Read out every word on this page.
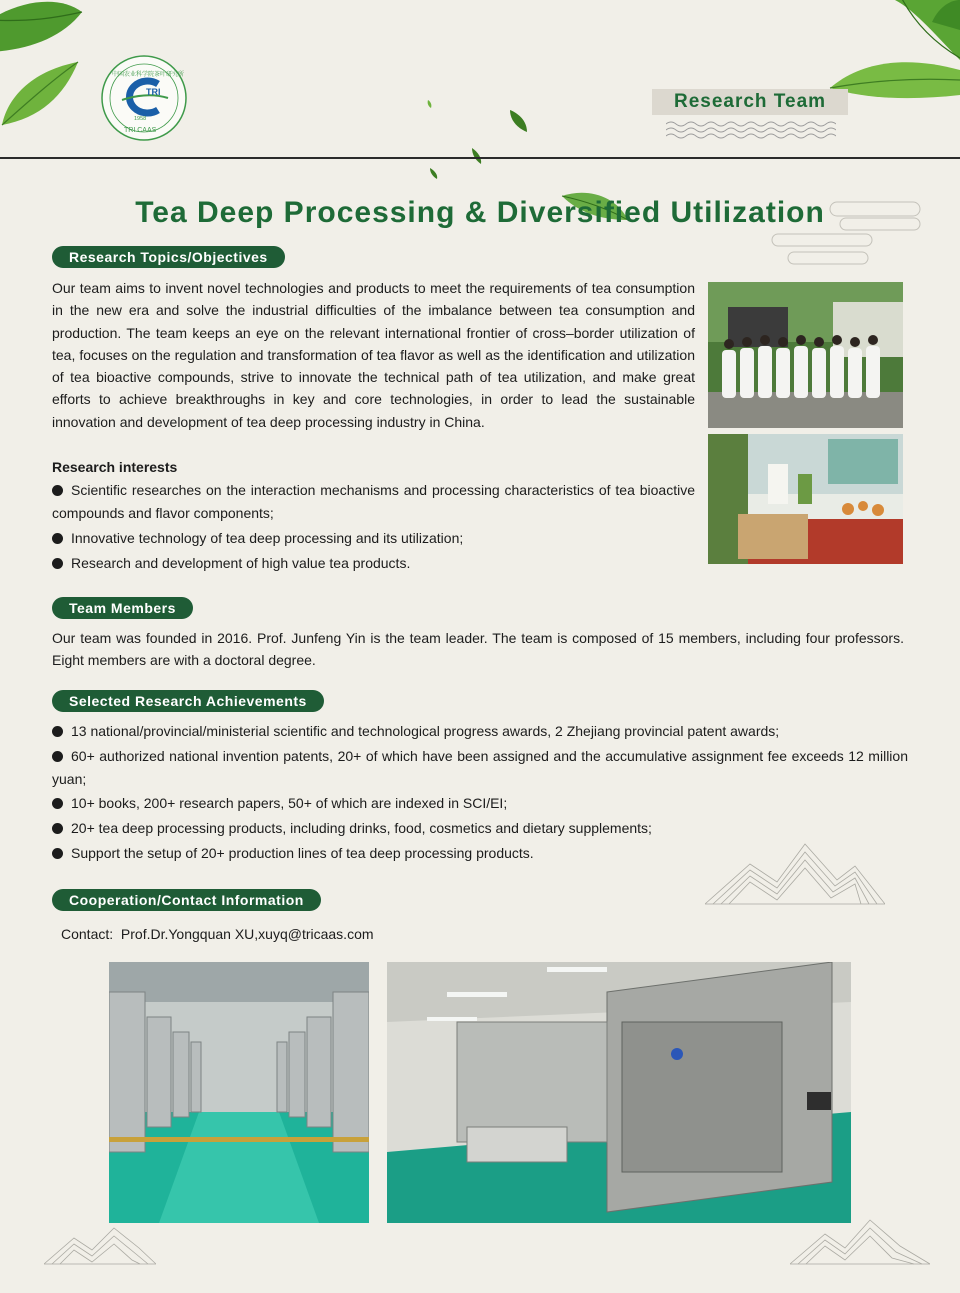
TRI
1958
TRI CAAS
中国农业科学院茶叶研究所
Research Team
Tea Deep Processing & Diversified Utilization
Research Topics/Objectives
Our team aims to invent novel technologies and products to meet the requirements of tea consumption in the new era and solve the industrial difficulties of the imbalance between tea consumption and production. The team keeps an eye on the relevant international frontier of cross–border utilization of tea, focuses on the regulation and transformation of tea flavor as well as the identification and utilization of tea bioactive compounds, strive to innovate the technical path of tea utilization, and make great efforts to achieve breakthroughs in key and core technologies, in order to lead the sustainable innovation and development of tea deep processing industry in China.
Research interests
Scientific researches on the interaction mechanisms and processing characteristics of tea bioactive compounds and flavor components;
Innovative technology of tea deep processing and its utilization;
Research and development of high value tea products.
Team Members
Our team was founded in 2016. Prof. Junfeng Yin is the team leader. The team is composed of 15 members, including four professors. Eight members are with a doctoral degree.
Selected Research Achievements
13 national/provincial/ministerial scientific and technological progress awards, 2 Zhejiang provincial patent awards;
60+ authorized national invention patents, 20+ of which have been assigned and the accumulative assignment fee exceeds 12 million yuan;
10+ books, 200+ research papers, 50+ of which are indexed in SCI/EI;
20+ tea deep processing products, including drinks, food, cosmetics and dietary supplements;
Support the setup of 20+ production lines of tea deep processing products.
Cooperation/Contact Information
Contact: Prof.Dr.Yongquan XU,xuyq@tricaas.com
